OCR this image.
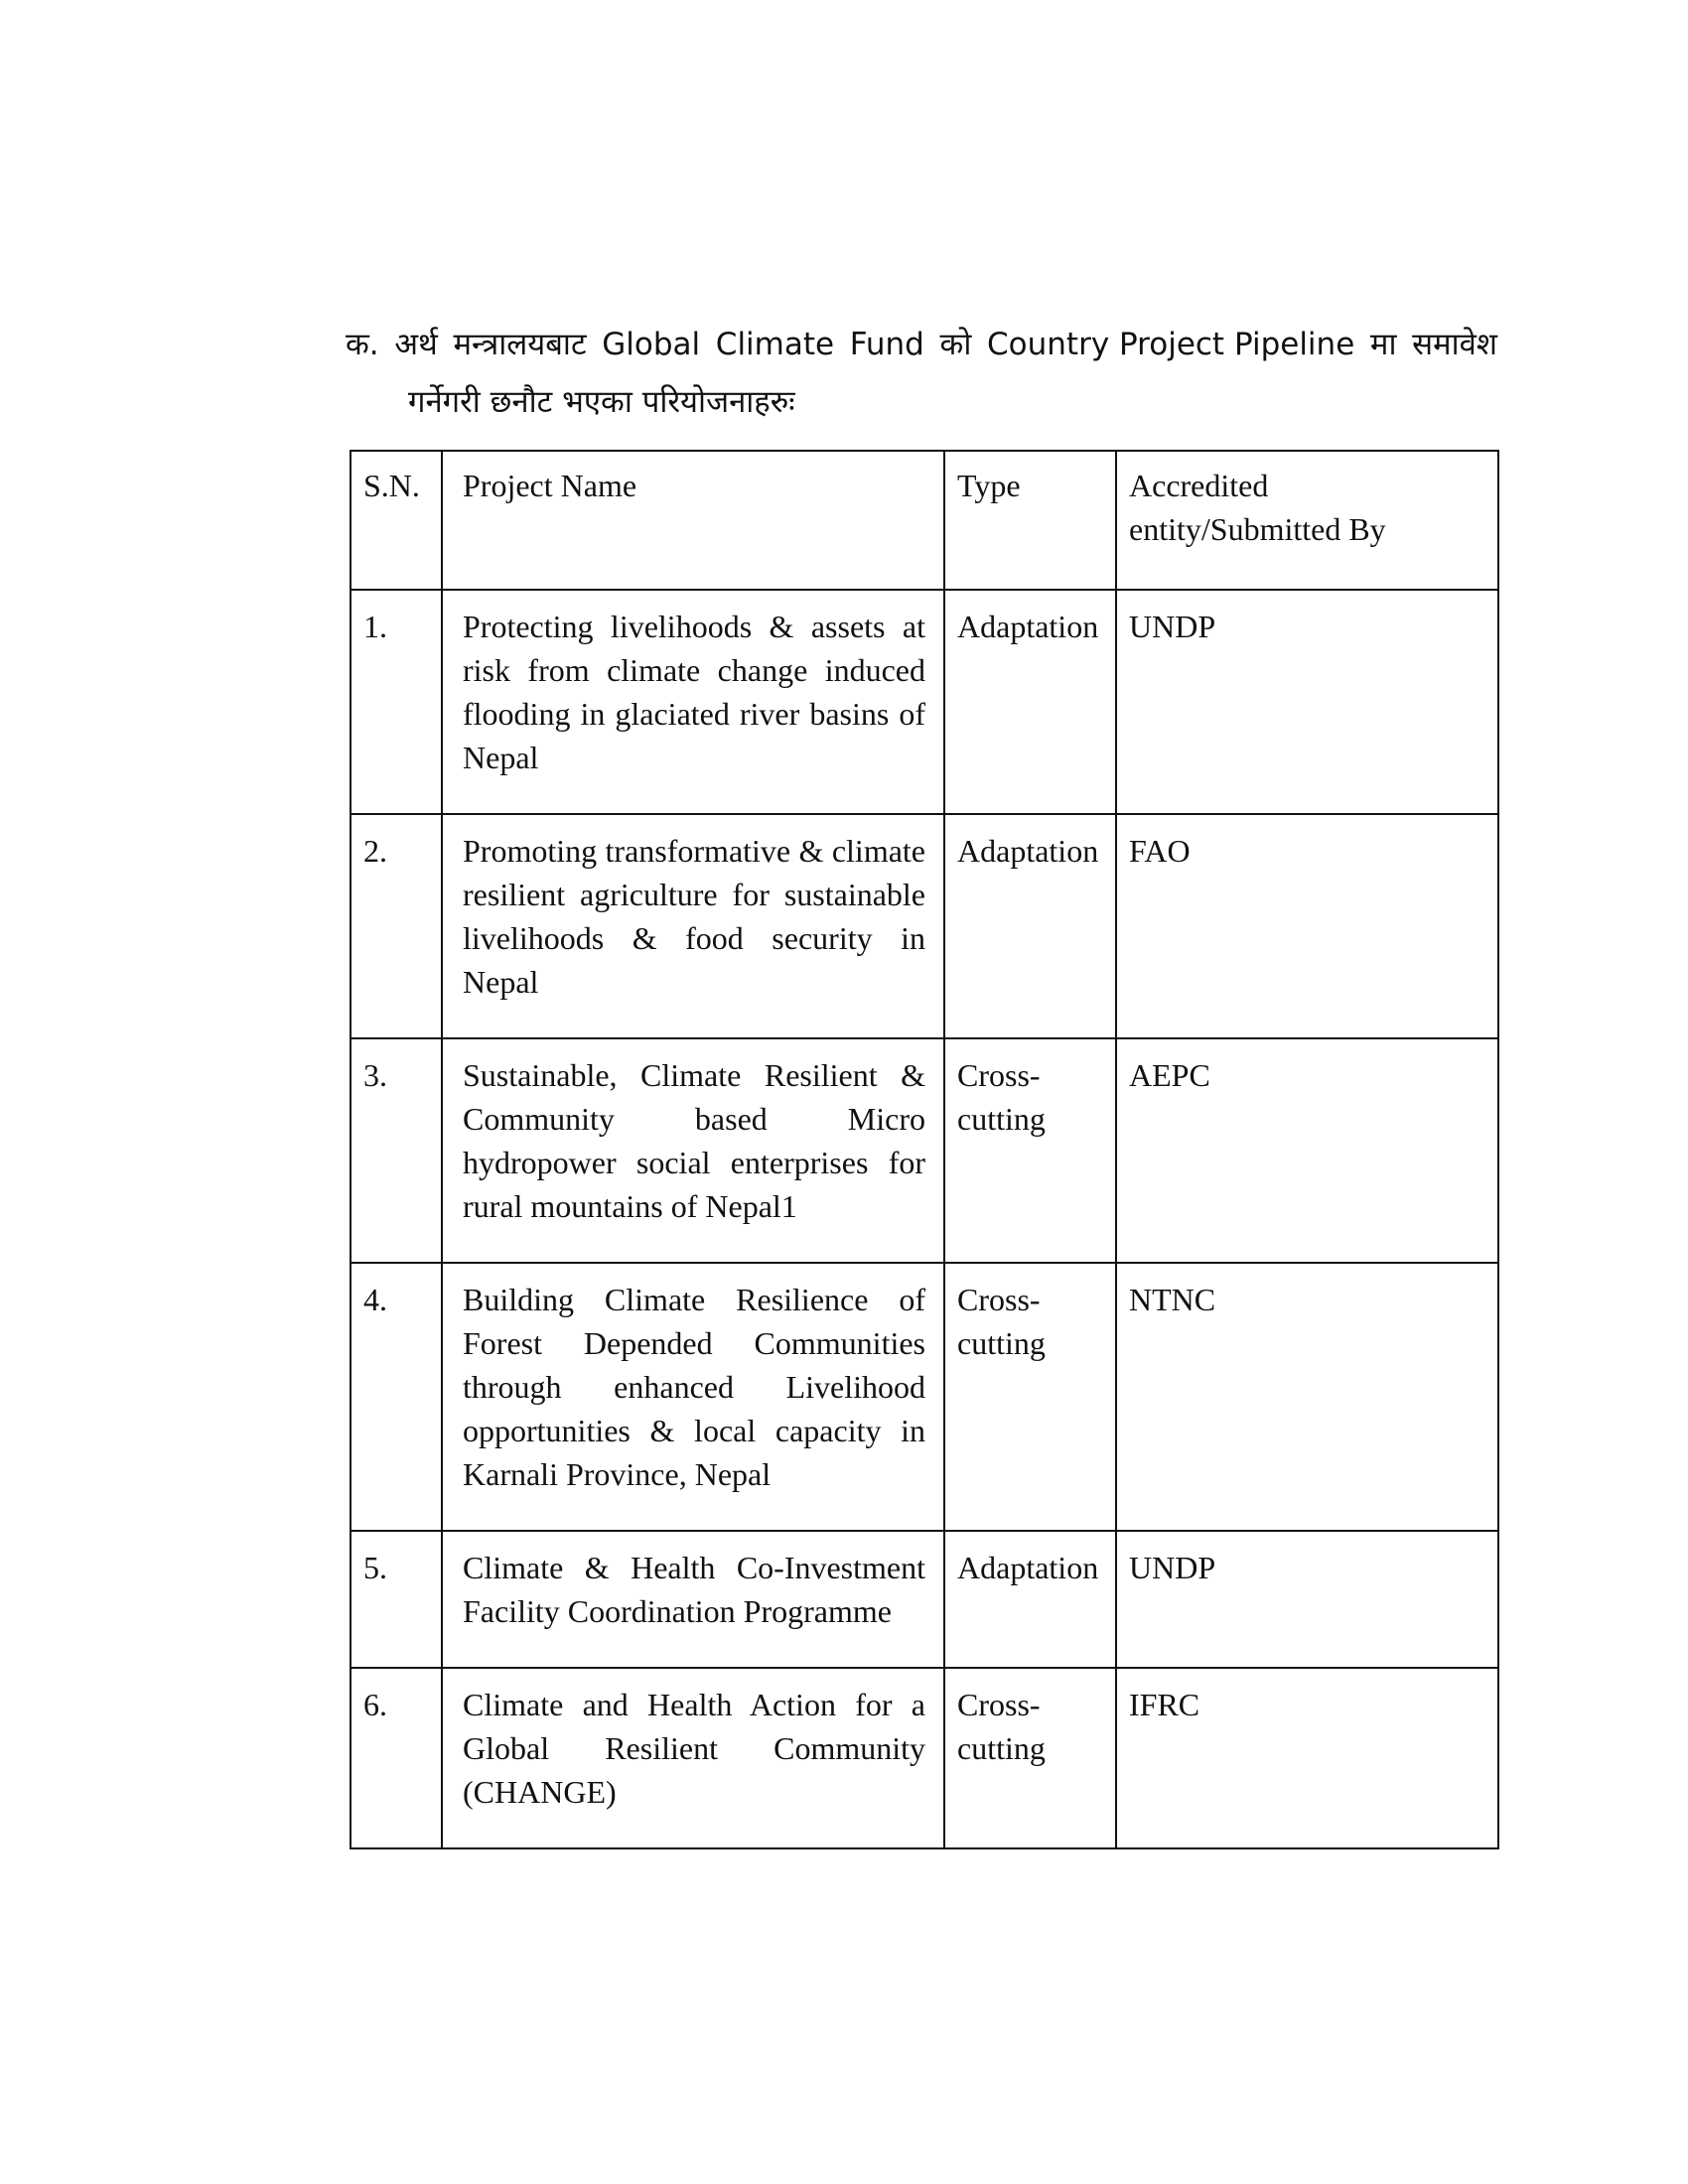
क. अर्थ मन्त्रालयबाट Global Climate Fund को Country Project Pipeline मा समावेश
गर्नेगरी छनौट भएका परियोजनाहरुः
S.N.	Project Name	Type	Accredited entity/Submitted By
1.	Protecting livelihoods & assets at risk from climate change induced flooding in glaciated river basins of Nepal	Adaptation	UNDP
2.	Promoting transformative & climate resilient agriculture for sustainable livelihoods & food security in Nepal	Adaptation	FAO
3.	Sustainable, Climate Resilient & Community based Micro hydropower social enterprises for rural mountains of Nepal1	Cross-cutting	AEPC
4.	Building Climate Resilience of Forest Depended Communities through enhanced Livelihood opportunities & local capacity in Karnali Province, Nepal	Cross-cutting	NTNC
5.	Climate & Health Co-Investment Facility Coordination Programme	Adaptation	UNDP
6.	Climate and Health Action for a Global Resilient Community (CHANGE)	Cross-cutting	IFRC
